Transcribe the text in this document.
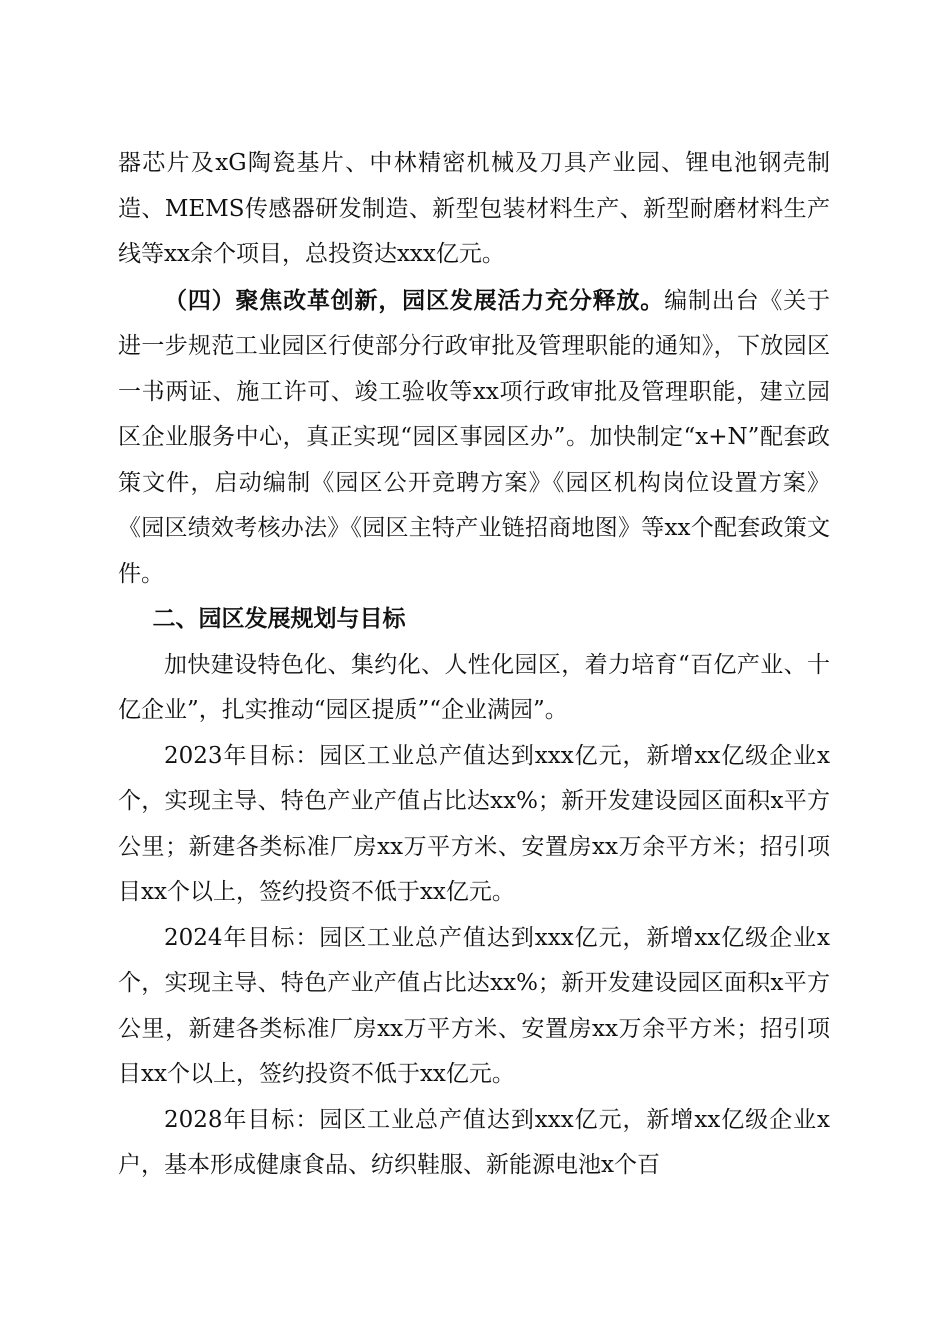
器芯片及xG陶瓷基片、中林精密机械及刀具产业园、锂电池钢壳制造、MEMS传感器研发制造、新型包装材料生产、新型耐磨材料生产线等xx余个项目，总投资达xxx亿元。

（四）聚焦改革创新，园区发展活力充分释放。编制出台《关于进一步规范工业园区行使部分行政审批及管理职能的通知》，下放园区一书两证、施工许可、竣工验收等xx项行政审批及管理职能，建立园区企业服务中心，真正实现“园区事园区办”。加快制定“x+N”配套政策文件，启动编制《园区公开竞聘方案》《园区机构岗位设置方案》《园区绩效考核办法》《园区主特产业链招商地图》等xx个配套政策文件。

二、园区发展规划与目标

加快建设特色化、集约化、人性化园区，着力培育“百亿产业、十亿企业”，扎实推动“园区提质”“企业满园”。

2023年目标：园区工业总产值达到xxx亿元，新增xx亿级企业x个，实现主导、特色产业产值占比达xx%；新开发建设园区面积x平方公里；新建各类标准厂房xx万平方米、安置房xx万余平方米；招引项目xx个以上，签约投资不低于xx亿元。

2024年目标：园区工业总产值达到xxx亿元，新增xx亿级企业x个，实现主导、特色产业产值占比达xx%；新开发建设园区面积x平方公里，新建各类标准厂房xx万平方米、安置房xx万余平方米；招引项目xx个以上，签约投资不低于xx亿元。

2028年目标：园区工业总产值达到xxx亿元，新增xx亿级企业x户，基本形成健康食品、纺织鞋服、新能源电池x个百
